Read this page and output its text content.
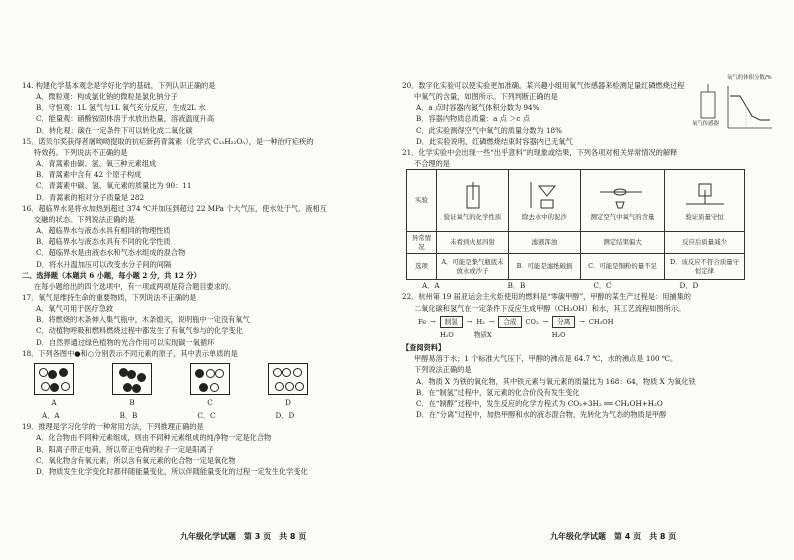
14. 构建化学基本观念是学好化学的基础，下列认识正确的是
A．微粒观：构成氯化钠的微粒是氯化钠分子
B．守恒观：1L 氢气与1L 氧气充分反应，生成2L 水
C．能量观：硝酸铵固体溶于水放出热量，溶液温度升高
D．转化观：碳在一定条件下可以转化成二氧化碳
15．诺贝尔奖获得者屠呦呦提取的抗疟新药青蒿素（化学式 C₁₅H₂₂O₅），是一种治疗疟疾的
特效药。下列说法不正确的是
A．青蒿素由碳、氢、氧三种元素组成
B．青蒿素中含有 42 个原子构成
C．青蒿素中碳、氢、氧元素的质量比为 90：11
D．青蒿素的相对分子质量是 282
16．超临界水是将水加热到超过 374 ℃并加压到超过 22 MPa 个大气压，使水处于气、液相互
交融的状态。下列说法正确的是
A．超临界水与液态水具有相同的物理性质
B．超临界水与液态水具有不同的化学性质
C．超临界水是由液态水和气态水组成的混合物
D．将水升温加压可以改变水分子间的间隔
二、选择题（本题共 6 小题，每小题 2 分，共 12 分）
在每小题给出的四个选项中，有一项或两项是符合题目要求的。
17．氧气是维持生命的重要物质，下列说法不正确的是
A．氧气可用于医疗急救
B．将燃烧的木条伸入集气瓶中，木条熄灭，说明瓶中一定没有氧气
C．动植物呼吸和燃料燃烧过程中都发生了有氧气参与的化学变化
D．自然界通过绿色植物的光合作用可以实现碳一氧循环
18．下列各图中●和○分别表示不同元素的原子，其中表示单质的是
A	B	C	D
A．A	B．B	C．C	D．D
19．推理是学习化学的一种常用方法，下列推理正确的是
A．化合物由不同种元素组成，则由不同种元素组成的纯净物一定是化合物
B．阳离子带正电荷，所以带正电荷的粒子一定是阳离子
C．氧化物含有氧元素，所以含有氧元素的化合物一定是氧化物
D．物质发生化学变化时都伴随能量变化，所以伴随能量变化的过程一定发生化学变化
九年级化学试题　第 3 页　共 8 页
20．数字化实验可以使实验更加准确。某兴趣小组用氧气传感器来检测足量红磷燃烧过程
中氧气的含量，如图所示。下列判断正确的是
A．a 点时容器内氮气体积分数为 94%
B．容器内物质总质量：a 点 ＞c 点
C．此实验测得空气中氧气的质量分数为 18%
D．此实验说明，红磷燃烧结束时容器内已无氧气
氧气的体积分数/%
氧气传感器
21．化学实验中会出现一些“出乎意料”的现象或结果，下列各项对相关异常情况的解释
不合理的是
实验	验证氧气的化学性质	除去水中的泥沙	测定空气中氧气的含量	验证质量守恒

异常情况	未看到火星四射	滤液浑浊	测定结果偏大	反应后质量减少
选项	A．可能是集气瓶底未放水或沙子	B．可能是滤纸破损	C．可能是铜粉的量不足	D．该反应不符合质量守恒定律
A．A	B．B	C．C	D．D
22．杭州第 19 届亚运会主火炬使用的燃料是“零碳甲醇”，甲醇的某生产过程是：用捕集的
二氧化碳和氢气在一定条件下反应生成甲醇（CH₃OH）和水，其工艺流程如图所示。
Fe →	制氢	→ H₂ →	合成	CO₂ →	分离	→ CH₃OH
H₂O	物质X	H₂O
【查阅资料】
甲醇易溶于水；1 个标准大气压下，甲醇的沸点是 64.7 ℃，水的沸点是 100 ℃。
下列说法正确的是
A．物质 X 为铁的氧化物，其中铁元素与氧元素的质量比为 168：64，物质 X 为氧化铁
B．在“制氢”过程中，氢元素的化合价没有发生变化
C．在“制醇”过程中，发生反应的化学方程式为 CO₂+3H₂ ══ CH₃OH+H₂O
D．在“分离”过程中，加热甲醇和水的液态混合物，先转化为气态的物质是甲醇
九年级化学试题　第 4 页　共 8 页
